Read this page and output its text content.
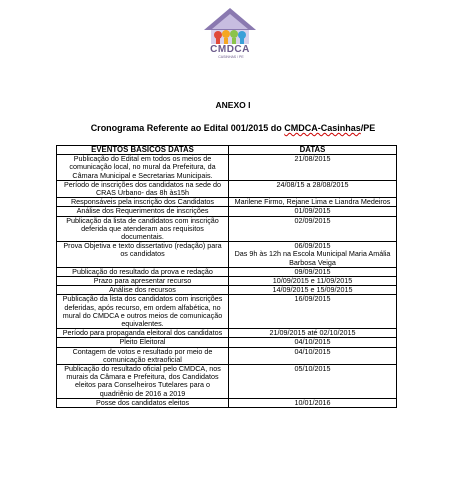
CMDCA
CASINHAS / PE
ANEXO I
Cronograma Referente ao Edital 001/2015 do CMDCA-Casinhas/PE
EVENTOS BASICOS DATAS	DATAS
Publicação do Edital em todos os meios de comunicação local, no mural da Prefeitura, da Câmara Municipal e Secretarias Municipais.	21/08/2015
Período de inscrições dos candidatos na sede do CRAS Urbano- das 8h às15h	24/08/15 a 28/08/2015
Responsáveis pela inscrição dos Candidatos	Marilene Firmo, Rejane Lima e Liandra Medeiros
Análise dos Requerimentos de inscrições	01/09/2015
Publicação da lista de candidatos com inscrição deferida que atenderam aos requisitos documentais.	02/09/2015
Prova Objetiva e texto dissertativo (redação) para os candidatos	06/09/2015
Das 9h às 12h na Escola Municipal Maria Amália Barbosa Veiga
Publicação do resultado da prova e redação	09/09/2015
Prazo para apresentar recurso	10/09/2015 e 11/09/2015
Análise dos recursos	14/09/2015 e 15/09/2015
Publicação da lista dos candidatos com inscrições deferidas, após recurso, em ordem alfabética, no mural do CMDCA e outros meios de comunicação equivalentes.	16/09/2015
Período para propaganda eleitoral dos candidatos	21/09/2015 até 02/10/2015
Pleito Eleitoral	04/10/2015
Contagem de votos e resultado por meio de comunicação extraoficial	04/10/2015
Publicação do resultado oficial pelo CMDCA, nos murais da Câmara e Prefeitura, dos Candidatos eleitos para Conselheiros Tutelares para o quadriênio de 2016 a 2019	05/10/2015
Posse dos candidatos eleitos	10/01/2016
